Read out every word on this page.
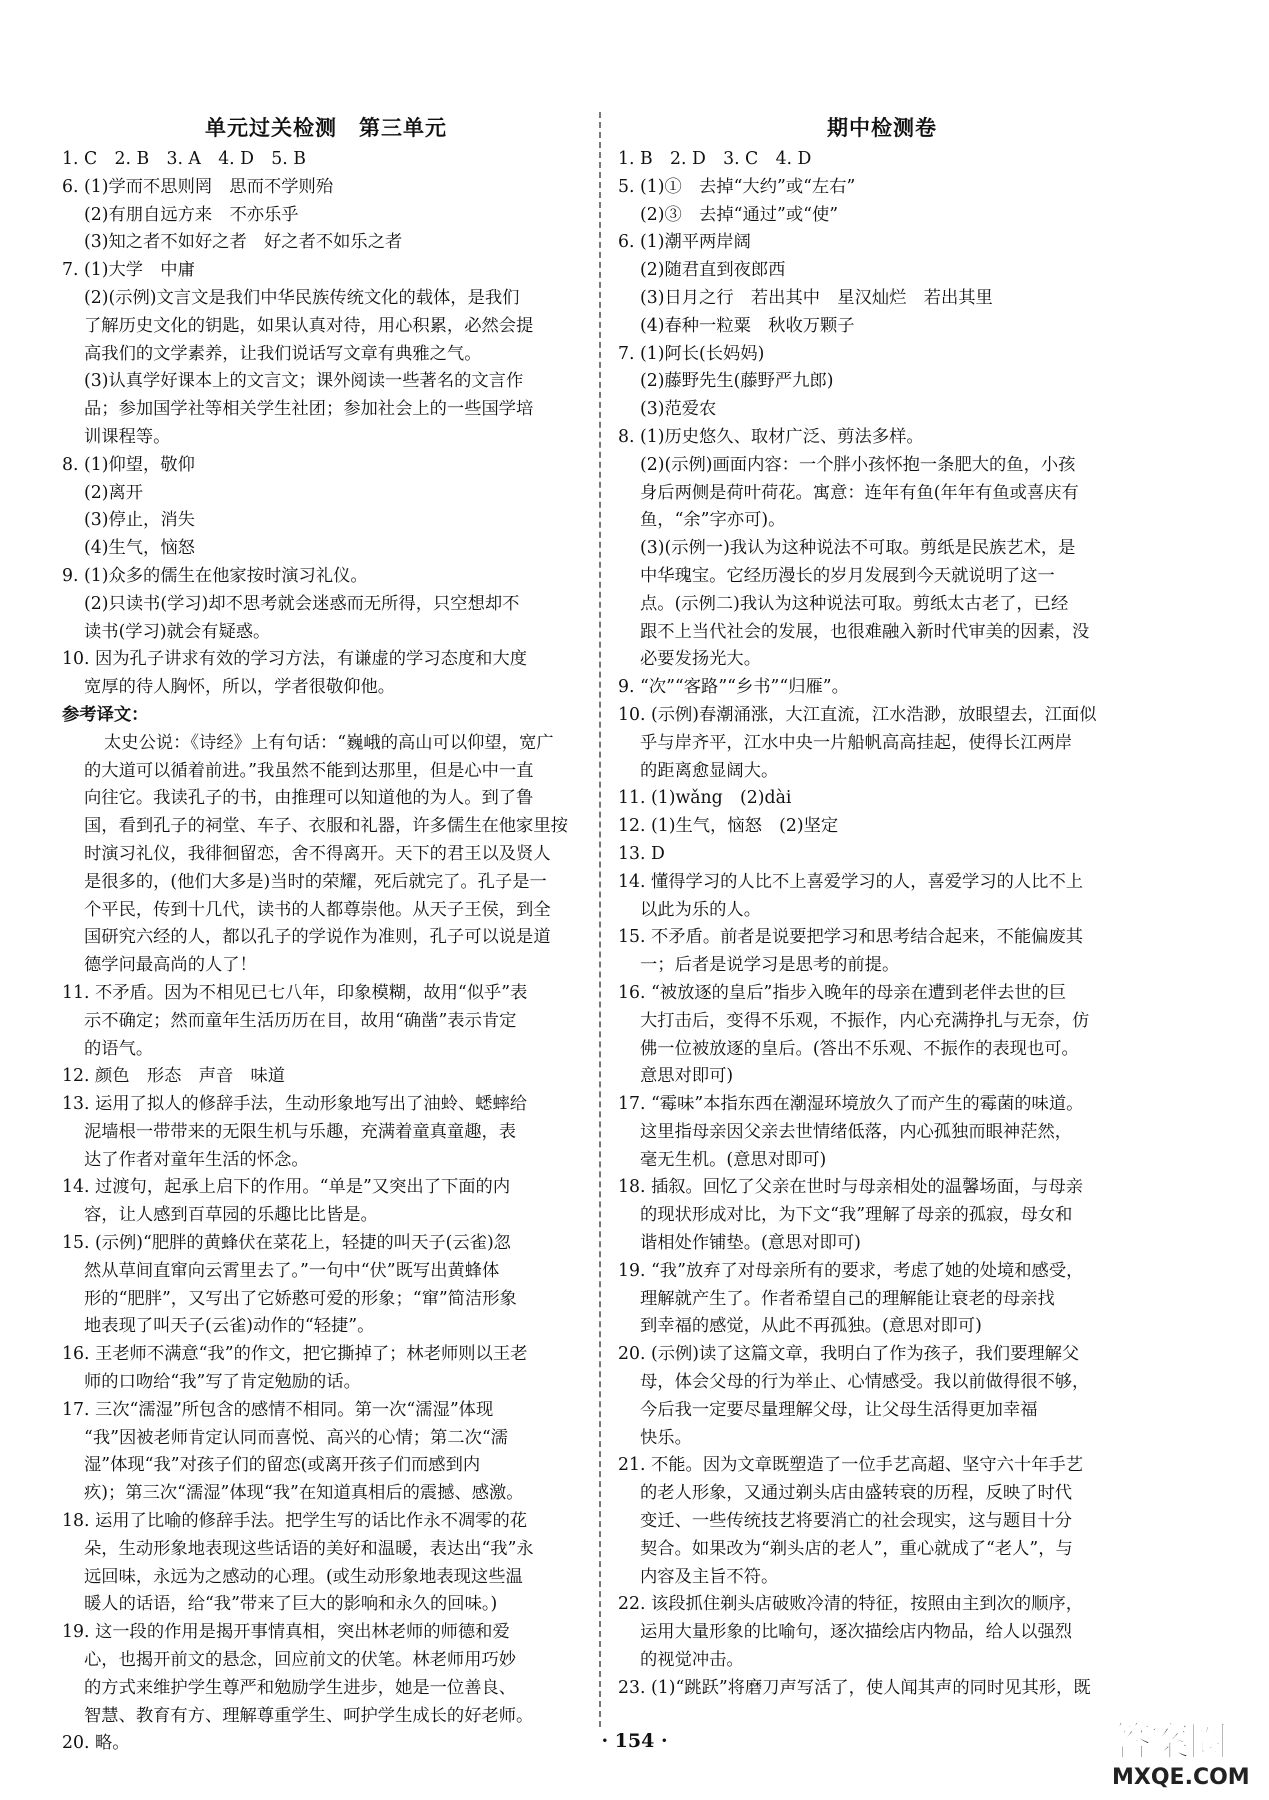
单元过关检测　第三单元
1. C　2. B　3. A　4. D　5. B
6. (1)学而不思则罔　思而不学则殆
(2)有朋自远方来　不亦乐乎
(3)知之者不如好之者　好之者不如乐之者
7. (1)大学　中庸
(2)(示例)文言文是我们中华民族传统文化的载体，是我们
了解历史文化的钥匙，如果认真对待，用心积累，必然会提
高我们的文学素养，让我们说话写文章有典雅之气。
(3)认真学好课本上的文言文；课外阅读一些著名的文言作
品；参加国学社等相关学生社团；参加社会上的一些国学培
训课程等。
8. (1)仰望，敬仰
(2)离开
(3)停止，消失
(4)生气，恼怒
9. (1)众多的儒生在他家按时演习礼仪。
(2)只读书(学习)却不思考就会迷惑而无所得，只空想却不
读书(学习)就会有疑惑。
10. 因为孔子讲求有效的学习方法，有谦虚的学习态度和大度
宽厚的待人胸怀，所以，学者很敬仰他。
参考译文：
太史公说：《诗经》上有句话：“巍峨的高山可以仰望，宽广
的大道可以循着前进。”我虽然不能到达那里，但是心中一直
向往它。我读孔子的书，由推理可以知道他的为人。到了鲁
国，看到孔子的祠堂、车子、衣服和礼器，许多儒生在他家里按
时演习礼仪，我徘徊留恋，舍不得离开。天下的君王以及贤人
是很多的，(他们大多是)当时的荣耀，死后就完了。孔子是一
个平民，传到十几代，读书的人都尊崇他。从天子王侯，到全
国研究六经的人，都以孔子的学说作为准则，孔子可以说是道
德学问最高尚的人了！
11. 不矛盾。因为不相见已七八年，印象模糊，故用“似乎”表
示不确定；然而童年生活历历在目，故用“确凿”表示肯定
的语气。
12. 颜色　形态　声音　味道
13. 运用了拟人的修辞手法，生动形象地写出了油蛉、蟋蟀给
泥墙根一带带来的无限生机与乐趣，充满着童真童趣，表
达了作者对童年生活的怀念。
14. 过渡句，起承上启下的作用。“单是”又突出了下面的内
容，让人感到百草园的乐趣比比皆是。
15. (示例)“肥胖的黄蜂伏在菜花上，轻捷的叫天子(云雀)忽
然从草间直窜向云霄里去了。”一句中“伏”既写出黄蜂体
形的“肥胖”，又写出了它娇憨可爱的形象；“窜”简洁形象
地表现了叫天子(云雀)动作的“轻捷”。
16. 王老师不满意“我”的作文，把它撕掉了；林老师则以王老
师的口吻给“我”写了肯定勉励的话。
17. 三次“濡湿”所包含的感情不相同。第一次“濡湿”体现
“我”因被老师肯定认同而喜悦、高兴的心情；第二次“濡
湿”体现“我”对孩子们的留恋(或离开孩子们而感到内
疚)；第三次“濡湿”体现“我”在知道真相后的震撼、感激。
18. 运用了比喻的修辞手法。把学生写的话比作永不凋零的花
朵，生动形象地表现这些话语的美好和温暖，表达出“我”永
远回味，永远为之感动的心理。(或生动形象地表现这些温
暖人的话语，给“我”带来了巨大的影响和永久的回味。)
19. 这一段的作用是揭开事情真相，突出林老师的师德和爱
心，也揭开前文的悬念，回应前文的伏笔。林老师用巧妙
的方式来维护学生尊严和勉励学生进步，她是一位善良、
智慧、教育有方、理解尊重学生、呵护学生成长的好老师。
20. 略。
期中检测卷
1. B　2. D　3. C　4. D
5. (1)①　去掉“大约”或“左右”
(2)③　去掉“通过”或“使”
6. (1)潮平两岸阔
(2)随君直到夜郎西
(3)日月之行　若出其中　星汉灿烂　若出其里
(4)春种一粒粟　秋收万颗子
7. (1)阿长(长妈妈)
(2)藤野先生(藤野严九郎)
(3)范爱农
8. (1)历史悠久、取材广泛、剪法多样。
(2)(示例)画面内容：一个胖小孩怀抱一条肥大的鱼，小孩
身后两侧是荷叶荷花。寓意：连年有鱼(年年有鱼或喜庆有
鱼，“余”字亦可)。
(3)(示例一)我认为这种说法不可取。剪纸是民族艺术，是
中华瑰宝。它经历漫长的岁月发展到今天就说明了这一
点。(示例二)我认为这种说法可取。剪纸太古老了，已经
跟不上当代社会的发展，也很难融入新时代审美的因素，没
必要发扬光大。
9. “次”“客路”“乡书”“归雁”。
10. (示例)春潮涌涨，大江直流，江水浩渺，放眼望去，江面似
乎与岸齐平，江水中央一片船帆高高挂起，使得长江两岸
的距离愈显阔大。
11. (1)wǎng　(2)dài
12. (1)生气，恼怒　(2)坚定
13. D
14. 懂得学习的人比不上喜爱学习的人，喜爱学习的人比不上
以此为乐的人。
15. 不矛盾。前者是说要把学习和思考结合起来，不能偏废其
一；后者是说学习是思考的前提。
16. “被放逐的皇后”指步入晚年的母亲在遭到老伴去世的巨
大打击后，变得不乐观，不振作，内心充满挣扎与无奈，仿
佛一位被放逐的皇后。(答出不乐观、不振作的表现也可。
意思对即可)
17. “霉味”本指东西在潮湿环境放久了而产生的霉菌的味道。
这里指母亲因父亲去世情绪低落，内心孤独而眼神茫然，
毫无生机。(意思对即可)
18. 插叙。回忆了父亲在世时与母亲相处的温馨场面，与母亲
的现状形成对比，为下文“我”理解了母亲的孤寂，母女和
谐相处作铺垫。(意思对即可)
19. “我”放弃了对母亲所有的要求，考虑了她的处境和感受，
理解就产生了。作者希望自己的理解能让衰老的母亲找
到幸福的感觉，从此不再孤独。(意思对即可)
20. (示例)读了这篇文章，我明白了作为孩子，我们要理解父
母，体会父母的行为举止、心情感受。我以前做得很不够，
今后我一定要尽量理解父母，让父母生活得更加幸福
快乐。
21. 不能。因为文章既塑造了一位手艺高超、坚守六十年手艺
的老人形象，又通过剃头店由盛转衰的历程，反映了时代
变迁、一些传统技艺将要消亡的社会现实，这与题目十分
契合。如果改为“剃头店的老人”，重心就成了“老人”，与
内容及主旨不符。
22. 该段抓住剃头店破败冷清的特征，按照由主到次的顺序，
运用大量形象的比喻句，逐次描绘店内物品，给人以强烈
的视觉冲击。
23. (1)“跳跃”将磨刀声写活了，使人闻其声的同时见其形，既
· 154 ·	答案圈
MXQE.COM
